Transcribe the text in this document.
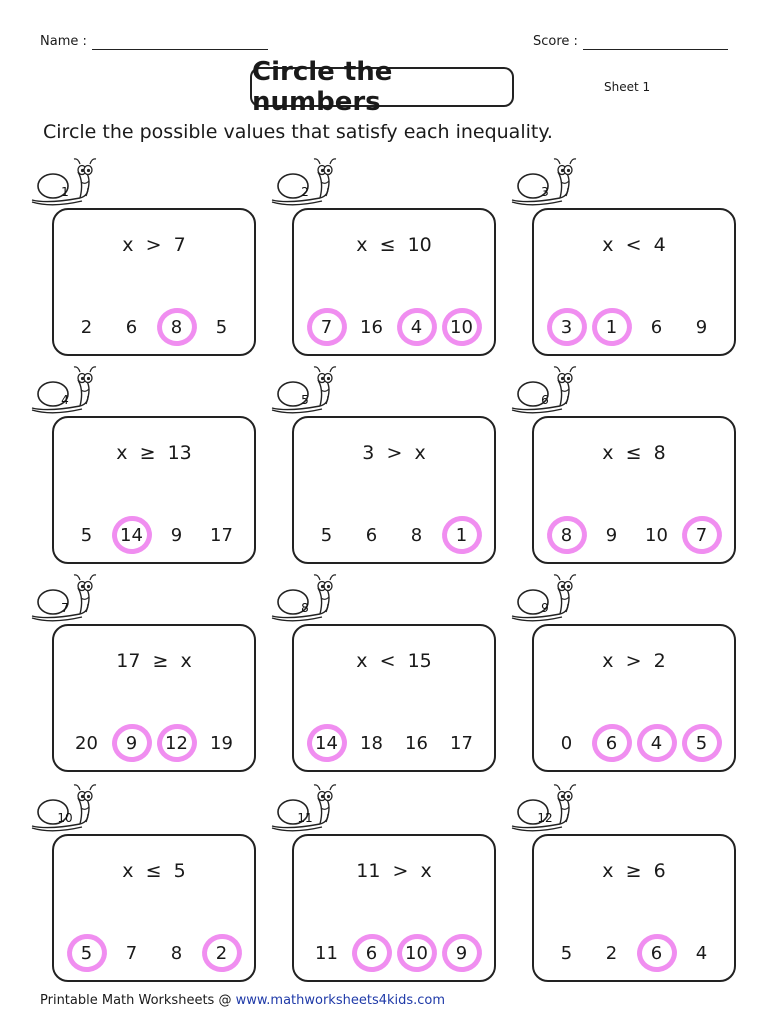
Name :	Score :
Circle the numbers	Sheet 1
Circle the possible values that satisfy each inequality.
1
x  >  7
2 6 8 5
2
x  ≤  10
7 16 4 10
3
x  <  4
3 1 6 9
4
x  ≥  13
5 14 9 17
5
3  >  x
5 6 8 1
6
x  ≤  8
8 9 10 7
7
17  ≥  x
20 9 12 19
8
x  <  15
14 18 16 17
9
x  >  2
0 6 4 5
10
x  ≤  5
5 7 8 2
11
11  >  x
11 6 10 9
12
x  ≥  6
5 2 6 4
Printable Math Worksheets @ www.mathworksheets4kids.com
